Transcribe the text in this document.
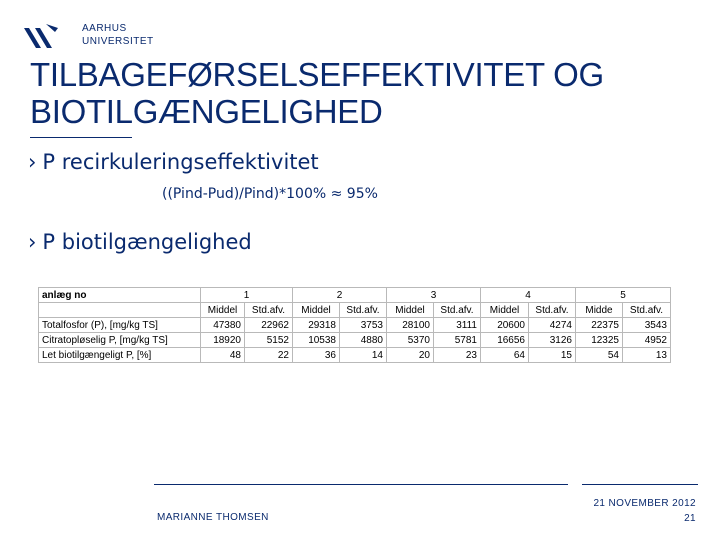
AARHUS
UNIVERSITET
TILBAGEFØRSELSEFFEKTIVITET OG
BIOTILGÆNGELIGHED
› P recirkuleringseffektivitet
((Pind-Pud)/Pind)*100% ≈ 95%
› P biotilgængelighed
anlæg no	1		2		3		4		5	
	Middel	Std.afv.	Middel	Std.afv.	Middel	Std.afv.	Middel	Std.afv.	Midde	Std.afv.
Totalfosfor (P), [mg/kg TS]	47380	22962	29318	3753	28100	3111	20600	4274	22375	3543
Citratopløselig P, [mg/kg TS]	18920	5152	10538	4880	5370	5781	16656	3126	12325	4952
Let biotilgængeligt P, [%]	48	22	36	14	20	23	64	15	54	13
MARIANNE THOMSEN
21 NOVEMBER 2012
21
